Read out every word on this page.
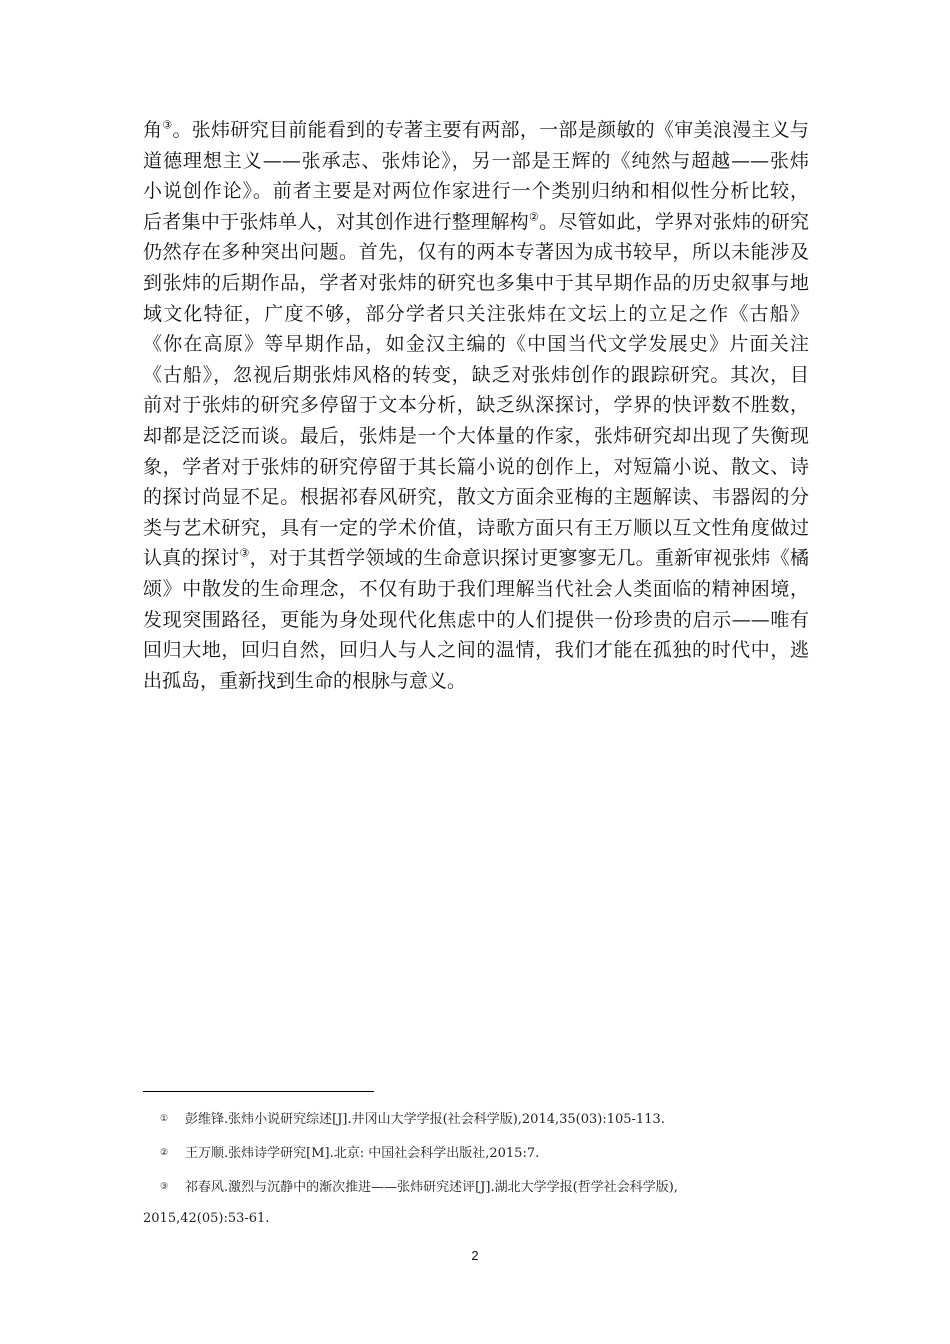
角③。张炜研究目前能看到的专著主要有两部，一部是颜敏的《审美浪漫主义与
道德理想主义——张承志、张炜论》，另一部是王辉的《纯然与超越——张炜
小说创作论》。前者主要是对两位作家进行一个类别归纳和相似性分析比较，
后者集中于张炜单人，对其创作进行整理解构②。尽管如此，学界对张炜的研究
仍然存在多种突出问题。首先，仅有的两本专著因为成书较早，所以未能涉及
到张炜的后期作品，学者对张炜的研究也多集中于其早期作品的历史叙事与地
域文化特征，广度不够，部分学者只关注张炜在文坛上的立足之作《古船》
《你在高原》等早期作品，如金汉主编的《中国当代文学发展史》片面关注
《古船》，忽视后期张炜风格的转变，缺乏对张炜创作的跟踪研究。其次，目
前对于张炜的研究多停留于文本分析，缺乏纵深探讨，学界的快评数不胜数，
却都是泛泛而谈。最后，张炜是一个大体量的作家，张炜研究却出现了失衡现
象，学者对于张炜的研究停留于其长篇小说的创作上，对短篇小说、散文、诗
的探讨尚显不足。根据祁春风研究，散文方面余亚梅的主题解读、韦器闳的分
类与艺术研究，具有一定的学术价值，诗歌方面只有王万顺以互文性角度做过
认真的探讨③，对于其哲学领域的生命意识探讨更寥寥无几。重新审视张炜《橘
颂》中散发的生命理念，不仅有助于我们理解当代社会人类面临的精神困境，
发现突围路径，更能为身处现代化焦虑中的人们提供一份珍贵的启示——唯有
回归大地，回归自然，回归人与人之间的温情，我们才能在孤独的时代中，逃
出孤岛，重新找到生命的根脉与意义。
① 彭维锋.张炜小说研究综述[J].井冈山大学学报(社会科学版),2014,35(03):105-113.
② 王万顺.张炜诗学研究[M].北京: 中国社会科学出版社,2015:7.
③ 祁春风.激烈与沉静中的渐次推进——张炜研究述评[J].湖北大学学报(哲学社会科学版),
2015,42(05):53-61.
2
